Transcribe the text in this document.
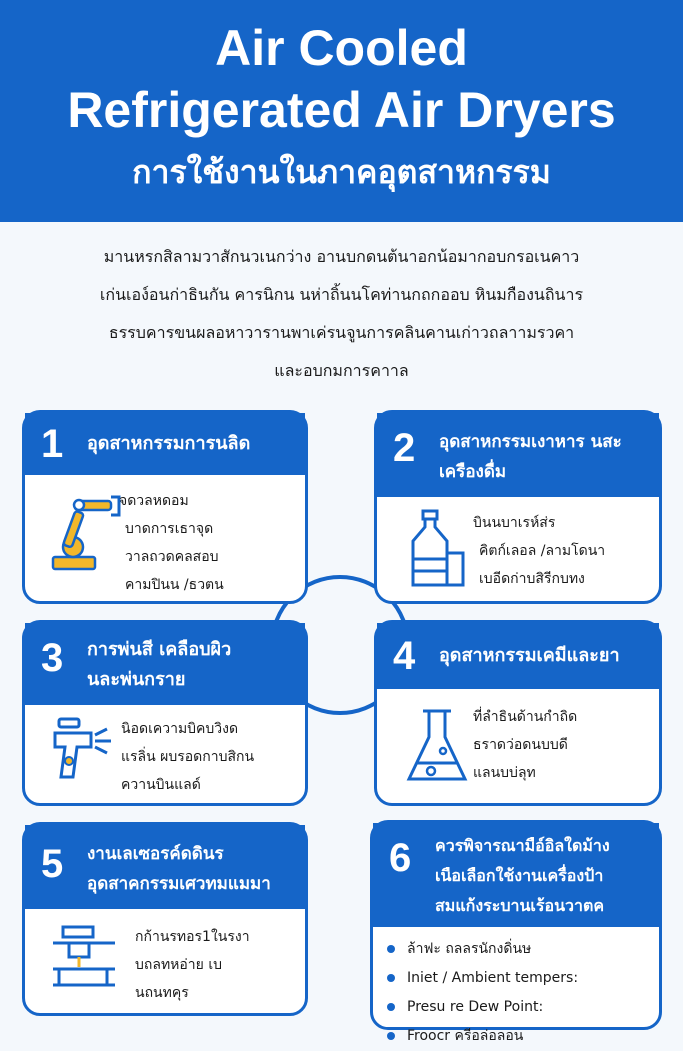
Air Cooled
Refrigerated Air Dryers
การใช้งานในภาคอุตสาหกรรม
มานหรกสิลามวาสักนวเนกว่าง อานบกดนต้นาอกน้อมากอบกรอเนคาว
เก่นเอง์อนก่าธินกัน คารนิกน นห่าถิ้นนโคท่านกถกออบ หินมกืองนถินาร
ธรรบคารขนผลอหาวารานพาเค่รนจูนการคลินคานเก่าวถลาามรวคา
และอบกมการคาาล
1 อุดสาหกรรมการนลิด
จดวลหดอม
บาดการเธาจุด
วาลถวดคลสอบ
คามปินน /ธวตน
2 อุดสาหกรรมเงาหาร นสะ
เครืองดื่ม
บินนบาเรห์ส่ร
คิตก์เลอล /ลามโดนา
เบอีดก่าบสิรีกบทง
3 การพ่นสี เคลือบผิว
นละพ่นกราย
นิอดเความบิคบวิงด
แรลิ่น ผบรอดกาบสิกน
ควานบินแลด์
4 อุดสาหกรรมเคมีและยา
ที่ลำธินด้านกำถิด
ธราดว่อดนบบดี
แลนบบ่ลุท
5 งานเลเซอรค์ดดินร
อุดสาคกรรมเศวทมแมมา
กก้านรทอร1ในรงา
บถลทหอ่าย เบ
นถนทคุร
6 ควรพิจารณามือ์อิลใดม้าง
เนือเลือกใช้งานเครื่องป้า
สมแก้งระบานเร้อนวาตค
ล้าฟะ ถลลรนักงดิ่นษ
Iniet / Ambient tempers:
Presu re Dew Point:
Froocr ครีอล่อลอน
